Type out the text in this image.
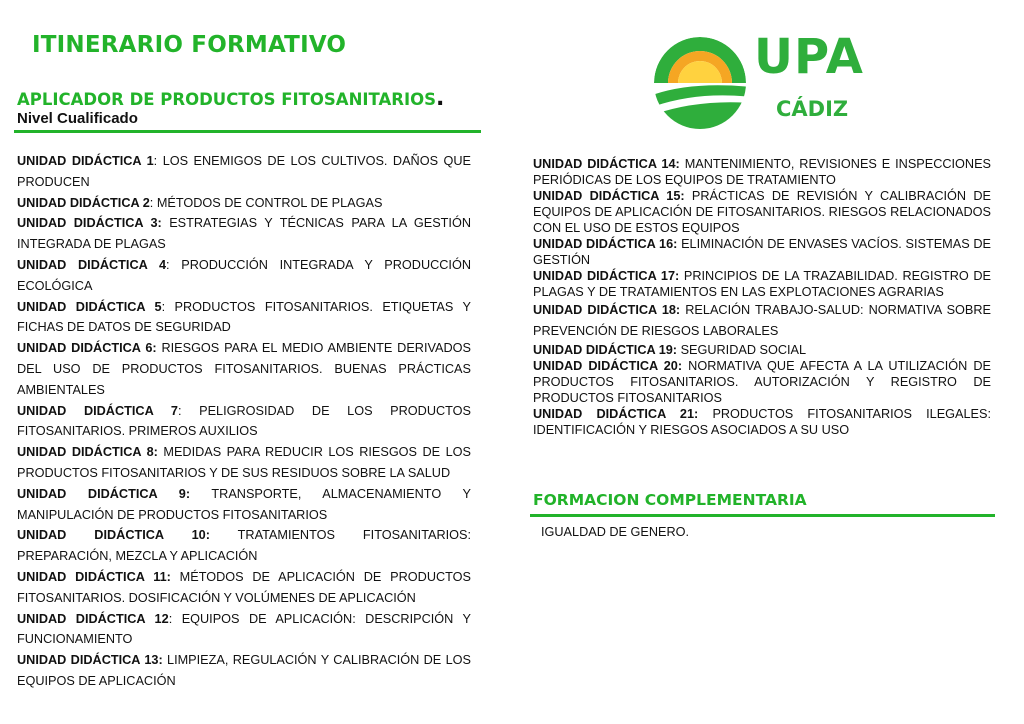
ITINERARIO FORMATIVO
APLICADOR DE PRODUCTOS FITOSANITARIOS.
Nivel Cualificado
UPA
CÁDIZ

UNIDAD DIDÁCTICA 1: LOS ENEMIGOS DE LOS CULTIVOS. DAÑOS QUE PRODUCEN

UNIDAD DIDÁCTICA 2: MÉTODOS DE CONTROL DE PLAGAS

UNIDAD DIDÁCTICA 3: ESTRATEGIAS Y TÉCNICAS PARA LA GESTIÓN INTEGRADA DE PLAGAS

UNIDAD DIDÁCTICA 4: PRODUCCIÓN INTEGRADA Y PRODUCCIÓN ECOLÓGICA

UNIDAD DIDÁCTICA 5: PRODUCTOS FITOSANITARIOS. ETIQUETAS Y FICHAS DE DATOS DE SEGURIDAD

UNIDAD DIDÁCTICA 6: RIESGOS PARA EL MEDIO AMBIENTE DERIVADOS DEL USO DE PRODUCTOS FITOSANITARIOS. BUENAS PRÁCTICAS AMBIENTALES

UNIDAD DIDÁCTICA 7: PELIGROSIDAD DE LOS PRODUCTOS FITOSANITARIOS. PRIMEROS AUXILIOS

UNIDAD DIDÁCTICA 8: MEDIDAS PARA REDUCIR LOS RIESGOS DE LOS PRODUCTOS FITOSANITARIOS Y DE SUS RESIDUOS SOBRE LA SALUD

UNIDAD DIDÁCTICA 9: TRANSPORTE, ALMACENAMIENTO Y MANIPULACIÓN DE PRODUCTOS FITOSANITARIOS

UNIDAD DIDÁCTICA 10: TRATAMIENTOS FITOSANITARIOS: PREPARACIÓN, MEZCLA Y APLICACIÓN

UNIDAD DIDÁCTICA 11: MÉTODOS DE APLICACIÓN DE PRODUCTOS FITOSANITARIOS. DOSIFICACIÓN Y VOLÚMENES DE APLICACIÓN

UNIDAD DIDÁCTICA 12: EQUIPOS DE APLICACIÓN: DESCRIPCIÓN Y FUNCIONAMIENTO

UNIDAD DIDÁCTICA 13: LIMPIEZA, REGULACIÓN Y CALIBRACIÓN DE LOS EQUIPOS DE APLICACIÓN

UNIDAD DIDÁCTICA 14: MANTENIMIENTO, REVISIONES E INSPECCIONES PERIÓDICAS DE LOS EQUIPOS DE TRATAMIENTO

UNIDAD DIDÁCTICA 15: PRÁCTICAS DE REVISIÓN Y CALIBRACIÓN DE EQUIPOS DE APLICACIÓN DE FITOSANITARIOS. RIESGOS RELACIONADOS CON EL USO DE ESTOS EQUIPOS

UNIDAD DIDÁCTICA 16: ELIMINACIÓN DE ENVASES VACÍOS. SISTEMAS DE GESTIÓN

UNIDAD DIDÁCTICA 17: PRINCIPIOS DE LA TRAZABILIDAD. REGISTRO DE PLAGAS Y DE TRATAMIENTOS EN LAS EXPLOTACIONES AGRARIAS

UNIDAD DIDÁCTICA 18: RELACIÓN TRABAJO-SALUD: NORMATIVA SOBRE PREVENCIÓN DE RIESGOS LABORALES

UNIDAD DIDÁCTICA 19: SEGURIDAD SOCIAL

UNIDAD DIDÁCTICA 20: NORMATIVA QUE AFECTA A LA UTILIZACIÓN DE PRODUCTOS FITOSANITARIOS. AUTORIZACIÓN Y REGISTRO DE PRODUCTOS FITOSANITARIOS

UNIDAD DIDÁCTICA 21: PRODUCTOS FITOSANITARIOS ILEGALES: IDENTIFICACIÓN Y RIESGOS ASOCIADOS A SU USO

FORMACION COMPLEMENTARIA
IGUALDAD DE GENERO.
